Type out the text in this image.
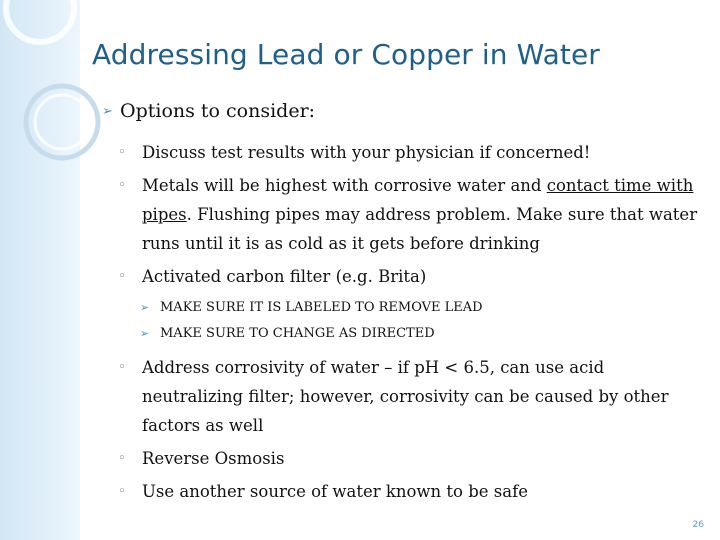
Addressing Lead or Copper in Water
➢ Options to consider:
◦ Discuss test results with your physician if concerned!
◦ Metals will be highest with corrosive water and contact time with pipes. Flushing pipes may address problem. Make sure that water runs until it is as cold as it gets before drinking
◦ Activated carbon filter (e.g. Brita)
➢ MAKE SURE IT IS LABELED TO REMOVE LEAD
➢ MAKE SURE TO CHANGE AS DIRECTED
◦ Address corrosivity of water – if pH < 6.5, can use acid neutralizing filter; however, corrosivity can be caused by other factors as well
◦ Reverse Osmosis
◦ Use another source of water known to be safe
26
